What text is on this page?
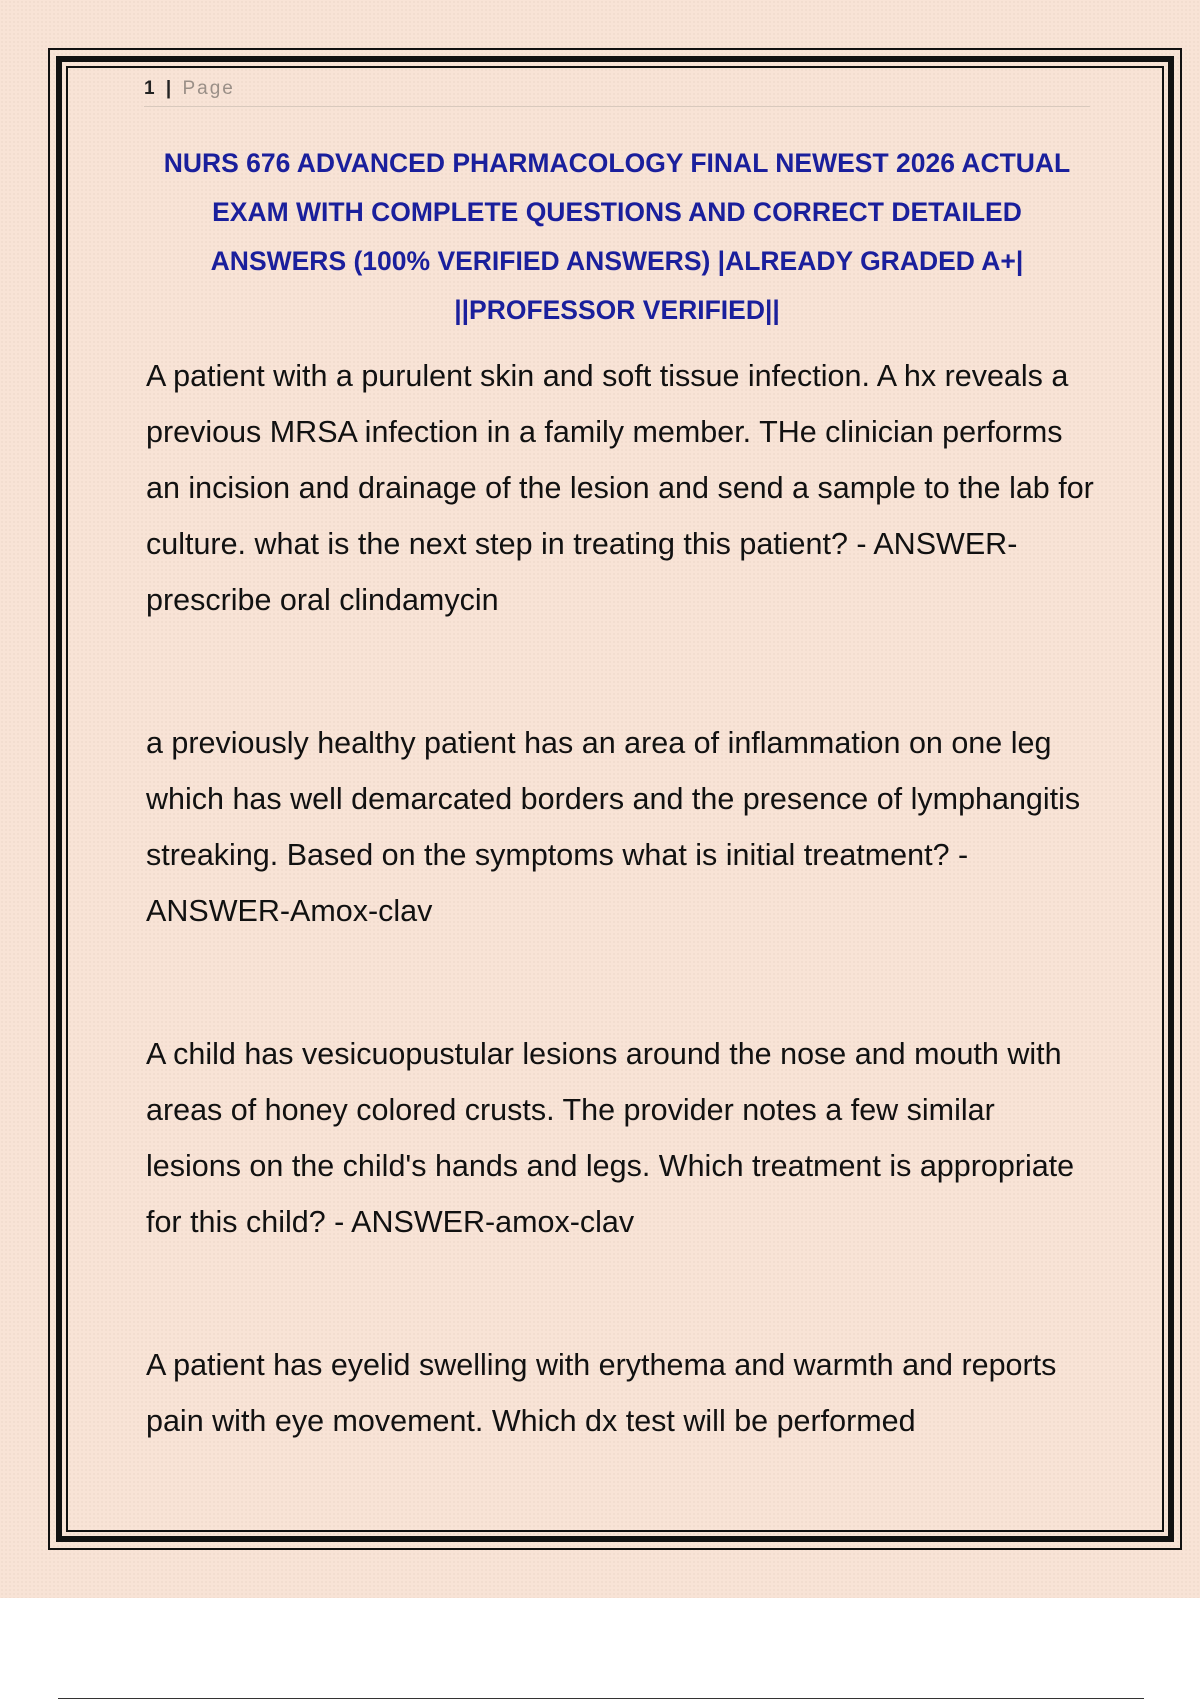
1 | Page
NURS 676 ADVANCED PHARMACOLOGY FINAL NEWEST 2026 ACTUAL EXAM WITH COMPLETE QUESTIONS AND CORRECT DETAILED ANSWERS (100% VERIFIED ANSWERS) |ALREADY GRADED A+| ||PROFESSOR VERIFIED||

A patient with a purulent skin and soft tissue infection. A hx reveals a previous MRSA infection in a family member. THe clinician performs an incision and drainage of the lesion and send a sample to the lab for culture. what is the next step in treating this patient? - ANSWER-prescribe oral clindamycin

a previously healthy patient has an area of inflammation on one leg which has well demarcated borders and the presence of lymphangitis streaking. Based on the symptoms what is initial treatment? - ANSWER-Amox-clav

A child has vesicuopustular lesions around the nose and mouth with areas of honey colored crusts. The provider notes a few similar lesions on the child's hands and legs. Which treatment is appropriate for this child? - ANSWER-amox-clav

A patient has eyelid swelling with erythema and warmth and reports pain with eye movement. Which dx test will be performed
